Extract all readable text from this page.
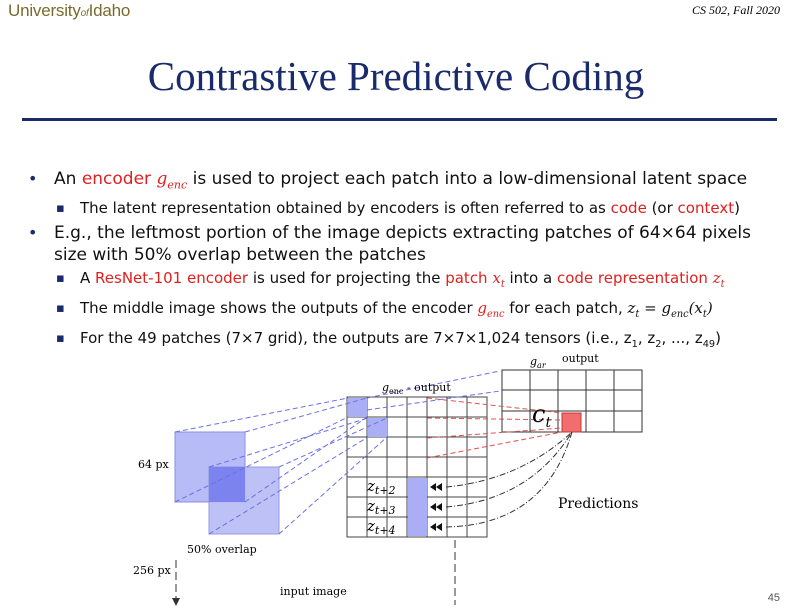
UniversityofIdaho	CS 502, Fall 2020
Contrastive Predictive Coding
• An encoder $g_{enc}$ is used to project each patch into a low-dimensional latent space
▪ The latent representation obtained by encoders is often referred to as code (or context)
• E.g., the leftmost portion of the image depicts extracting patches of 64×64 pixels size with 50% overlap between the patches
▪ A ResNet-101 encoder is used for projecting the patch $x_t$ into a code representation $z_t$
▪ The middle image shows the outputs of the encoder $g_{enc}$ for each patch, $z_t = g_{enc}(x_t)$
▪ For the 49 patches (7×7 grid), the outputs are 7×7×1,024 tensors (i.e., $z_1$, $z_2$, ..., $z_{49}$)
$g_{ar}$
output
$g_{enc}$ - output
$c_t$
$z_{t+2}$
$z_{t+3}$
$z_{t+4}$
Predictions
64 px
50% overlap
256 px
input image	45
